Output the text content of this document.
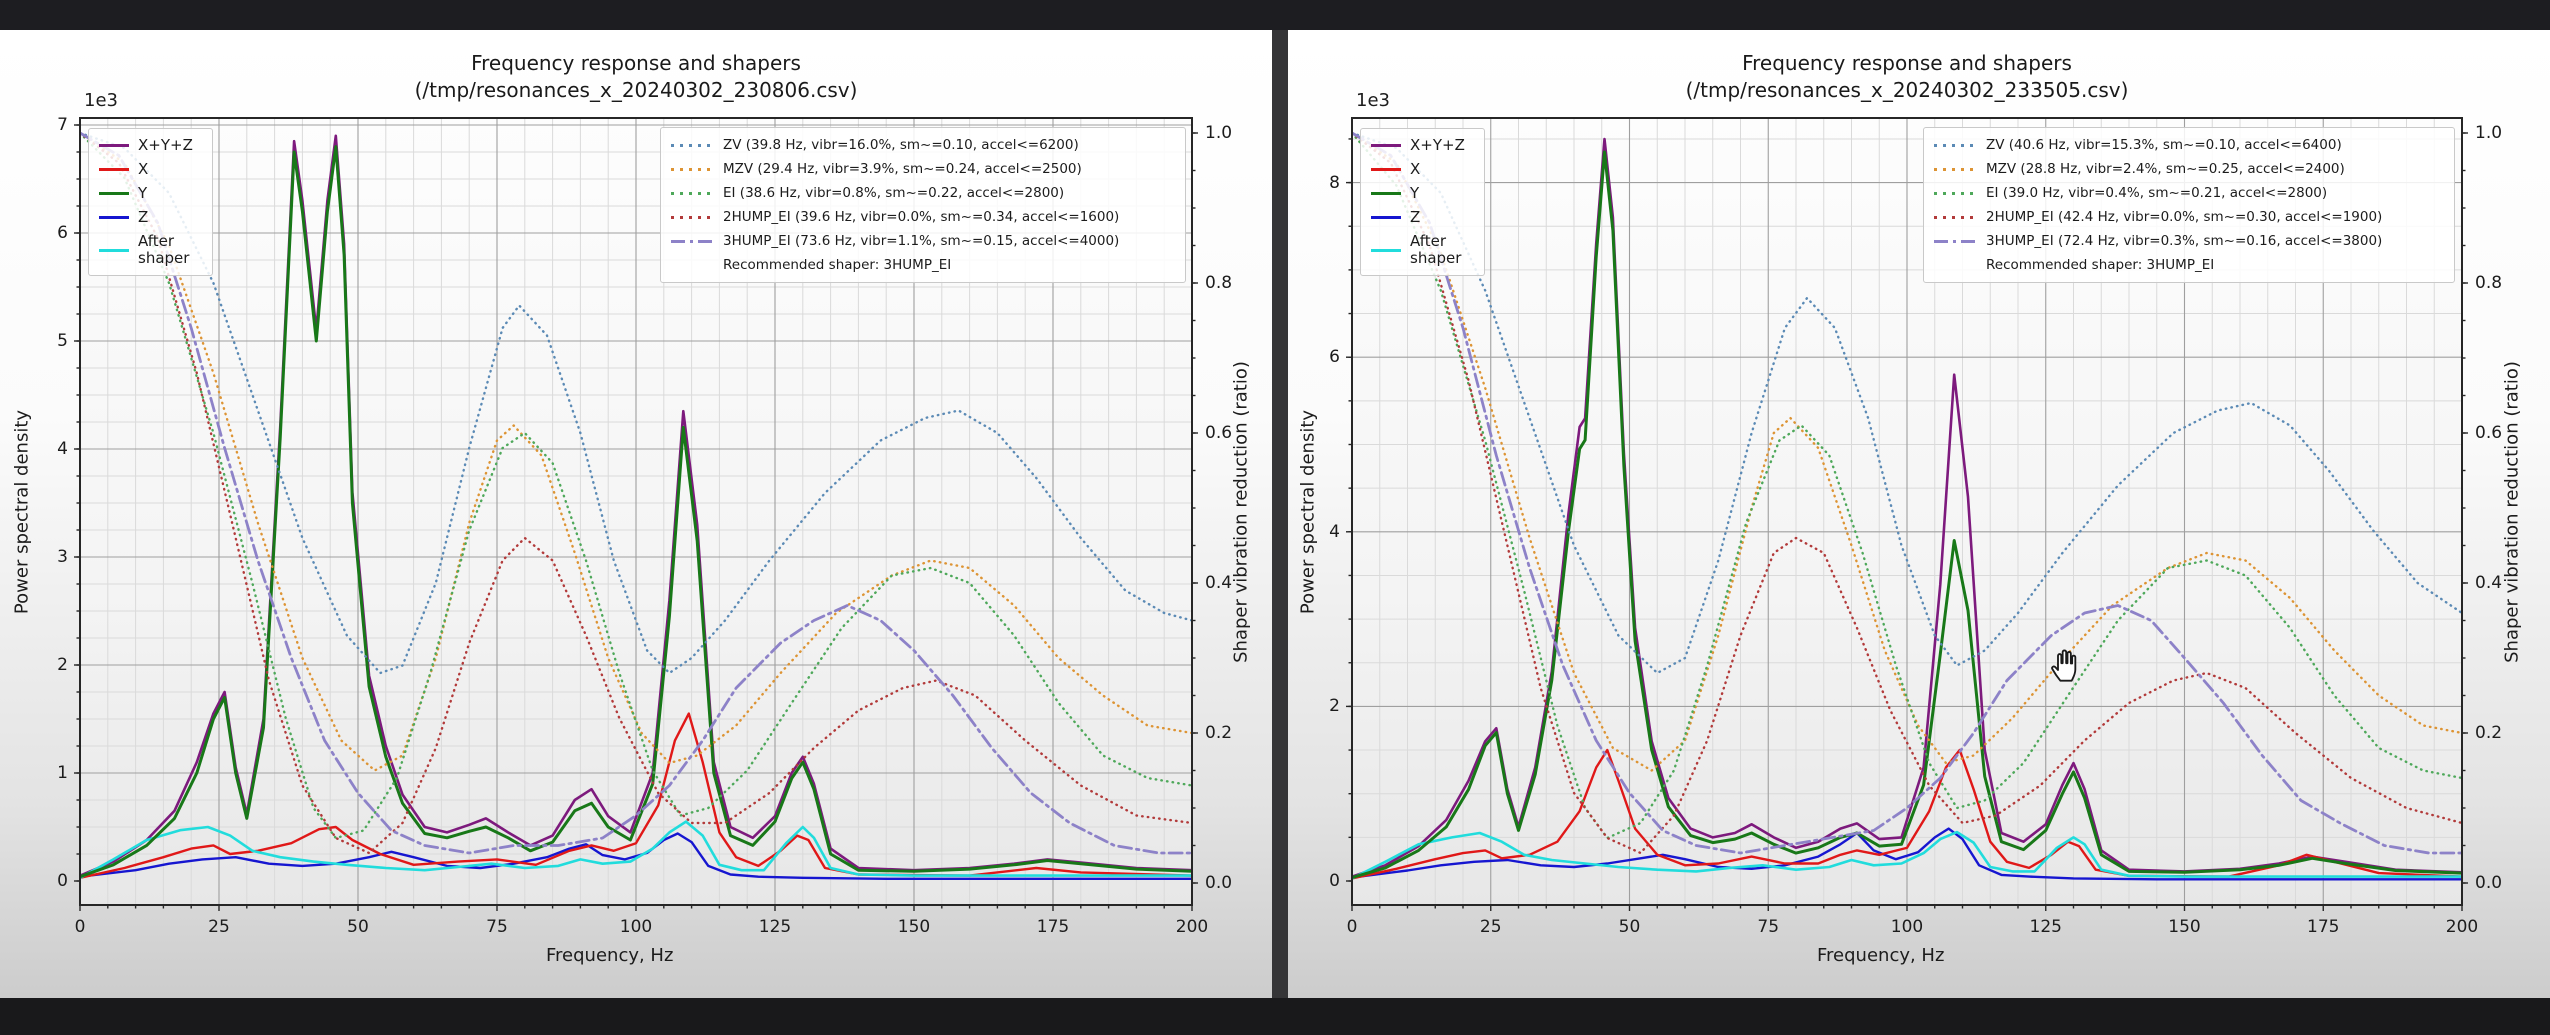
Frequency response and shapers
(/tmp/resonances_x_20240302_230806.csv)
1e3
Power spectral density	Shaper vibration reduction (ratio)
Frequency, Hz
X+Y+Z
X
Y
Z
After shaper
ZV (39.8 Hz, vibr=16.0%, sm~=0.10, accel<=6200)
MZV (29.4 Hz, vibr=3.9%, sm~=0.24, accel<=2500)
EI (38.6 Hz, vibr=0.8%, sm~=0.22, accel<=2800)
2HUMP_EI (39.6 Hz, vibr=0.0%, sm~=0.34, accel<=1600)
3HUMP_EI (73.6 Hz, vibr=1.1%, sm~=0.15, accel<=4000)
Recommended shaper: 3HUMP_EI
0	25	50	75	100	125	150	175	200
0
1
2
3
4
5
6
7
0.0
0.2
0.4
0.6
0.8
1.0
Frequency response and shapers
(/tmp/resonances_x_20240302_233505.csv)
1e3
Power spectral density	Shaper vibration reduction (ratio)
Frequency, Hz
X+Y+Z
X
Y
Z
After shaper
ZV (40.6 Hz, vibr=15.3%, sm~=0.10, accel<=6400)
MZV (28.8 Hz, vibr=2.4%, sm~=0.25, accel<=2400)
EI (39.0 Hz, vibr=0.4%, sm~=0.21, accel<=2800)
2HUMP_EI (42.4 Hz, vibr=0.0%, sm~=0.30, accel<=1900)
3HUMP_EI (72.4 Hz, vibr=0.3%, sm~=0.16, accel<=3800)
Recommended shaper: 3HUMP_EI
0	25	50	75	100	125	150	175	200
0
2
4
6
8
0.0
0.2
0.4
0.6
0.8
1.0
